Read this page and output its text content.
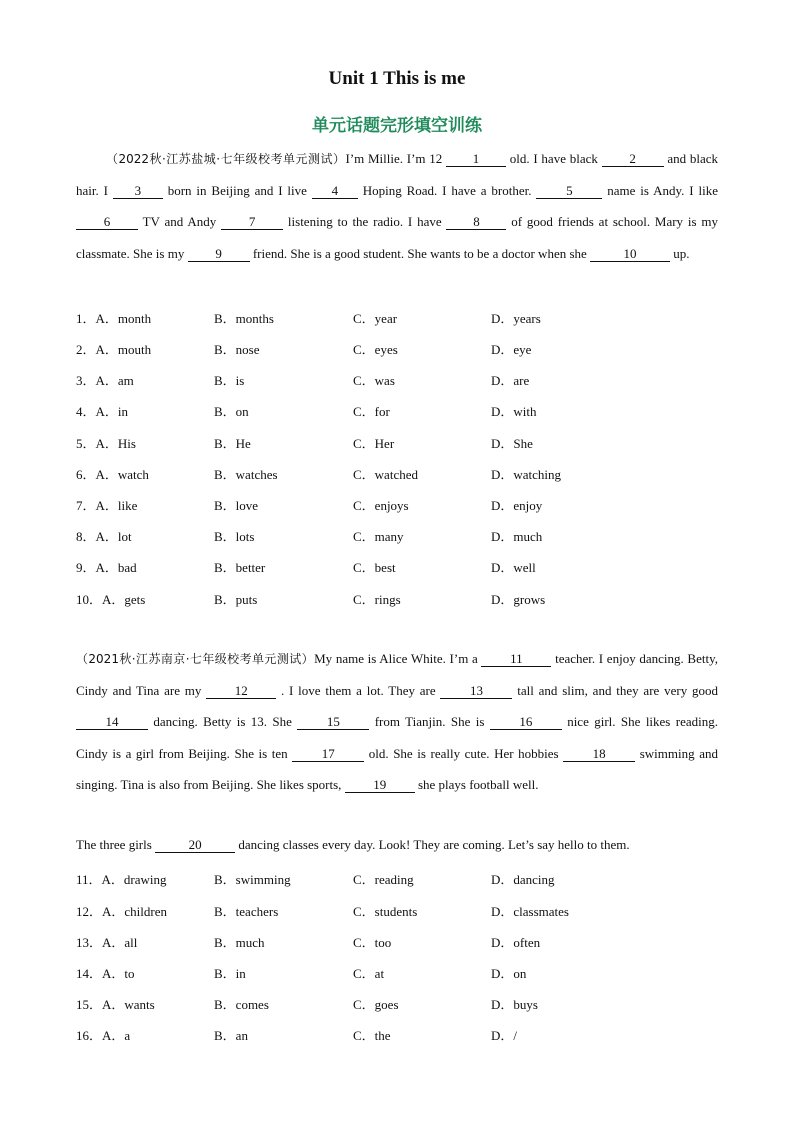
Unit 1 This is me
单元话题完形填空训练
（2022秋·江苏盐城·七年级校考单元测试）I’m Millie. I’m 12 1 old. I have black 2 and black hair. I 3 born in Beijing and I live 4 Hoping Road. I have a brother. 5 name is Andy. I like 6 TV and Andy 7 listening to the radio. I have 8 of good friends at school. Mary is my classmate. She is my 9 friend. She is a good student. She wants to be a doctor when she	10	up.
1．A．month	B．months	C．year	D．years
2．A．mouth	B．nose	C．eyes	D．eye
3．A．am	B．is	C．was	D．are
4．A．in	B．on	C．for	D．with
5．A．His	B．He	C．Her	D．She
6．A．watch	B．watches	C．watched	D．watching
7．A．like	B．love	C．enjoys	D．enjoy
8．A．lot	B．lots	C．many	D．much
9．A．bad	B．better	C．best	D．well
10．A．gets	B．puts	C．rings	D．grows
（2021秋·江苏南京·七年级校考单元测试）My name is Alice White. I’m a 11 teacher. I enjoy dancing. Betty, Cindy and Tina are my 12 . I love them a lot. They are 13 tall and slim, and they are very good 14 dancing. Betty is 13. She 15 from Tianjin. She is 16 nice girl. She likes reading. Cindy is a girl from Beijing. She is ten 17 old. She is really cute. Her hobbies 18 swimming and singing. Tina is also from Beijing. She likes sports, 19 she plays football well.
The three girls	20	dancing classes every day. Look! They are coming. Let’s say hello to them.
11．A．drawing	B．swimming	C．reading	D．dancing
12．A．children	B．teachers	C．students	D．classmates
13．A．all	B．much	C．too	D．often
14．A．to	B．in	C．at	D．on
15．A．wants	B．comes	C．goes	D．buys
16．A．a	B．an	C．the	D．/
